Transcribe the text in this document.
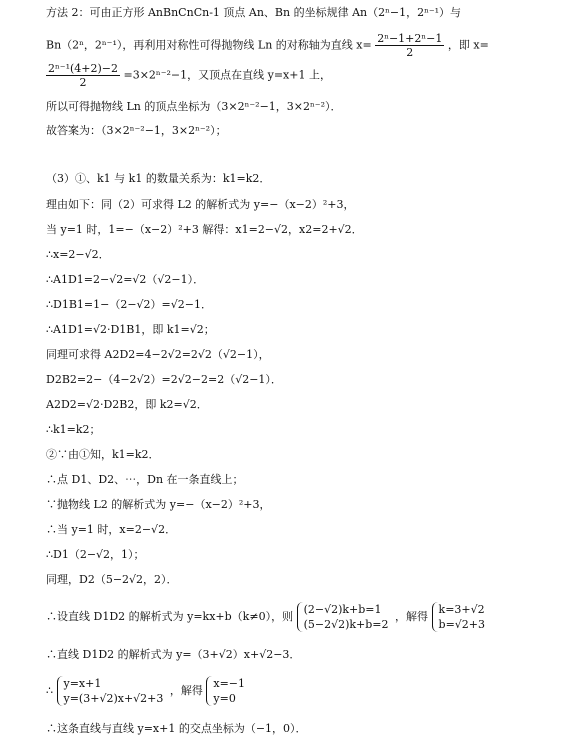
方法 2：可由正方形 AnBnCnCn-1 顶点 An、Bn 的坐标规律 An（2ⁿ−1，2ⁿ⁻¹）与
Bn（2ⁿ，2ⁿ⁻¹），再利用对称性可得抛物线 Ln 的对称轴为直线 $x= \frac{\text{2ⁿ−1+2ⁿ−1}}{2}$ ，即 x=
$\frac{\text{2ⁿ⁻¹(4+2)−2}}{2} =3\times 2^{n-2}-1$，又顶点在直线 y=x+1 上，
所以可得抛物线 Ln 的顶点坐标为（3×2ⁿ⁻²−1，3×2ⁿ⁻²）．
故答案为：（3×2ⁿ⁻²−1，3×2ⁿ⁻²）；
（3）①、k1 与 k1 的数量关系为：k1=k2．
理由如下：同（2）可求得 L2 的解析式为 y=−（x−2）²+3，
当 y=1 时，1=−（x−2）²+3 解得：x1=2−√2，x2=2+√2．
∴x=2−√2．
∴A1D1=2−√2=√2（√2−1）．
∴D1B1=1−（2−√2）=√2−1．
∴A1D1=√2·D1B1，即 k1=√2；
同理可求得 A2D2=4−2√2=2√2（√2−1），
D2B2=2−（4−2√2）=2√2−2=2（√2−1）．
A2D2=√2·D2B2，即 k2=√2．
∴k1=k2；
②∵由①知，k1=k2．
∴点 D1、D2、⋯，Dn 在一条直线上；
∵抛物线 L2 的解析式为 y=−（x−2）²+3，
∴当 y=1 时，x=2−√2．
∴D1（2−√2，1）；
同理，D2（5−2√2，2）．
∴设直线 D1D2 的解析式为 y=kx+b（k≠0），则
(2−√2)k+b=1
(5−2√2)k+b=2
，解得
k=3+√2
b=√2+3
∴直线 D1D2 的解析式为 y=（3+√2）x+√2−3．
∴
y=x+1
y=(3+√2)x+√2+3
，解得
x=−1
y=0
∴这条直线与直线 y=x+1 的交点坐标为（−1，0）．
